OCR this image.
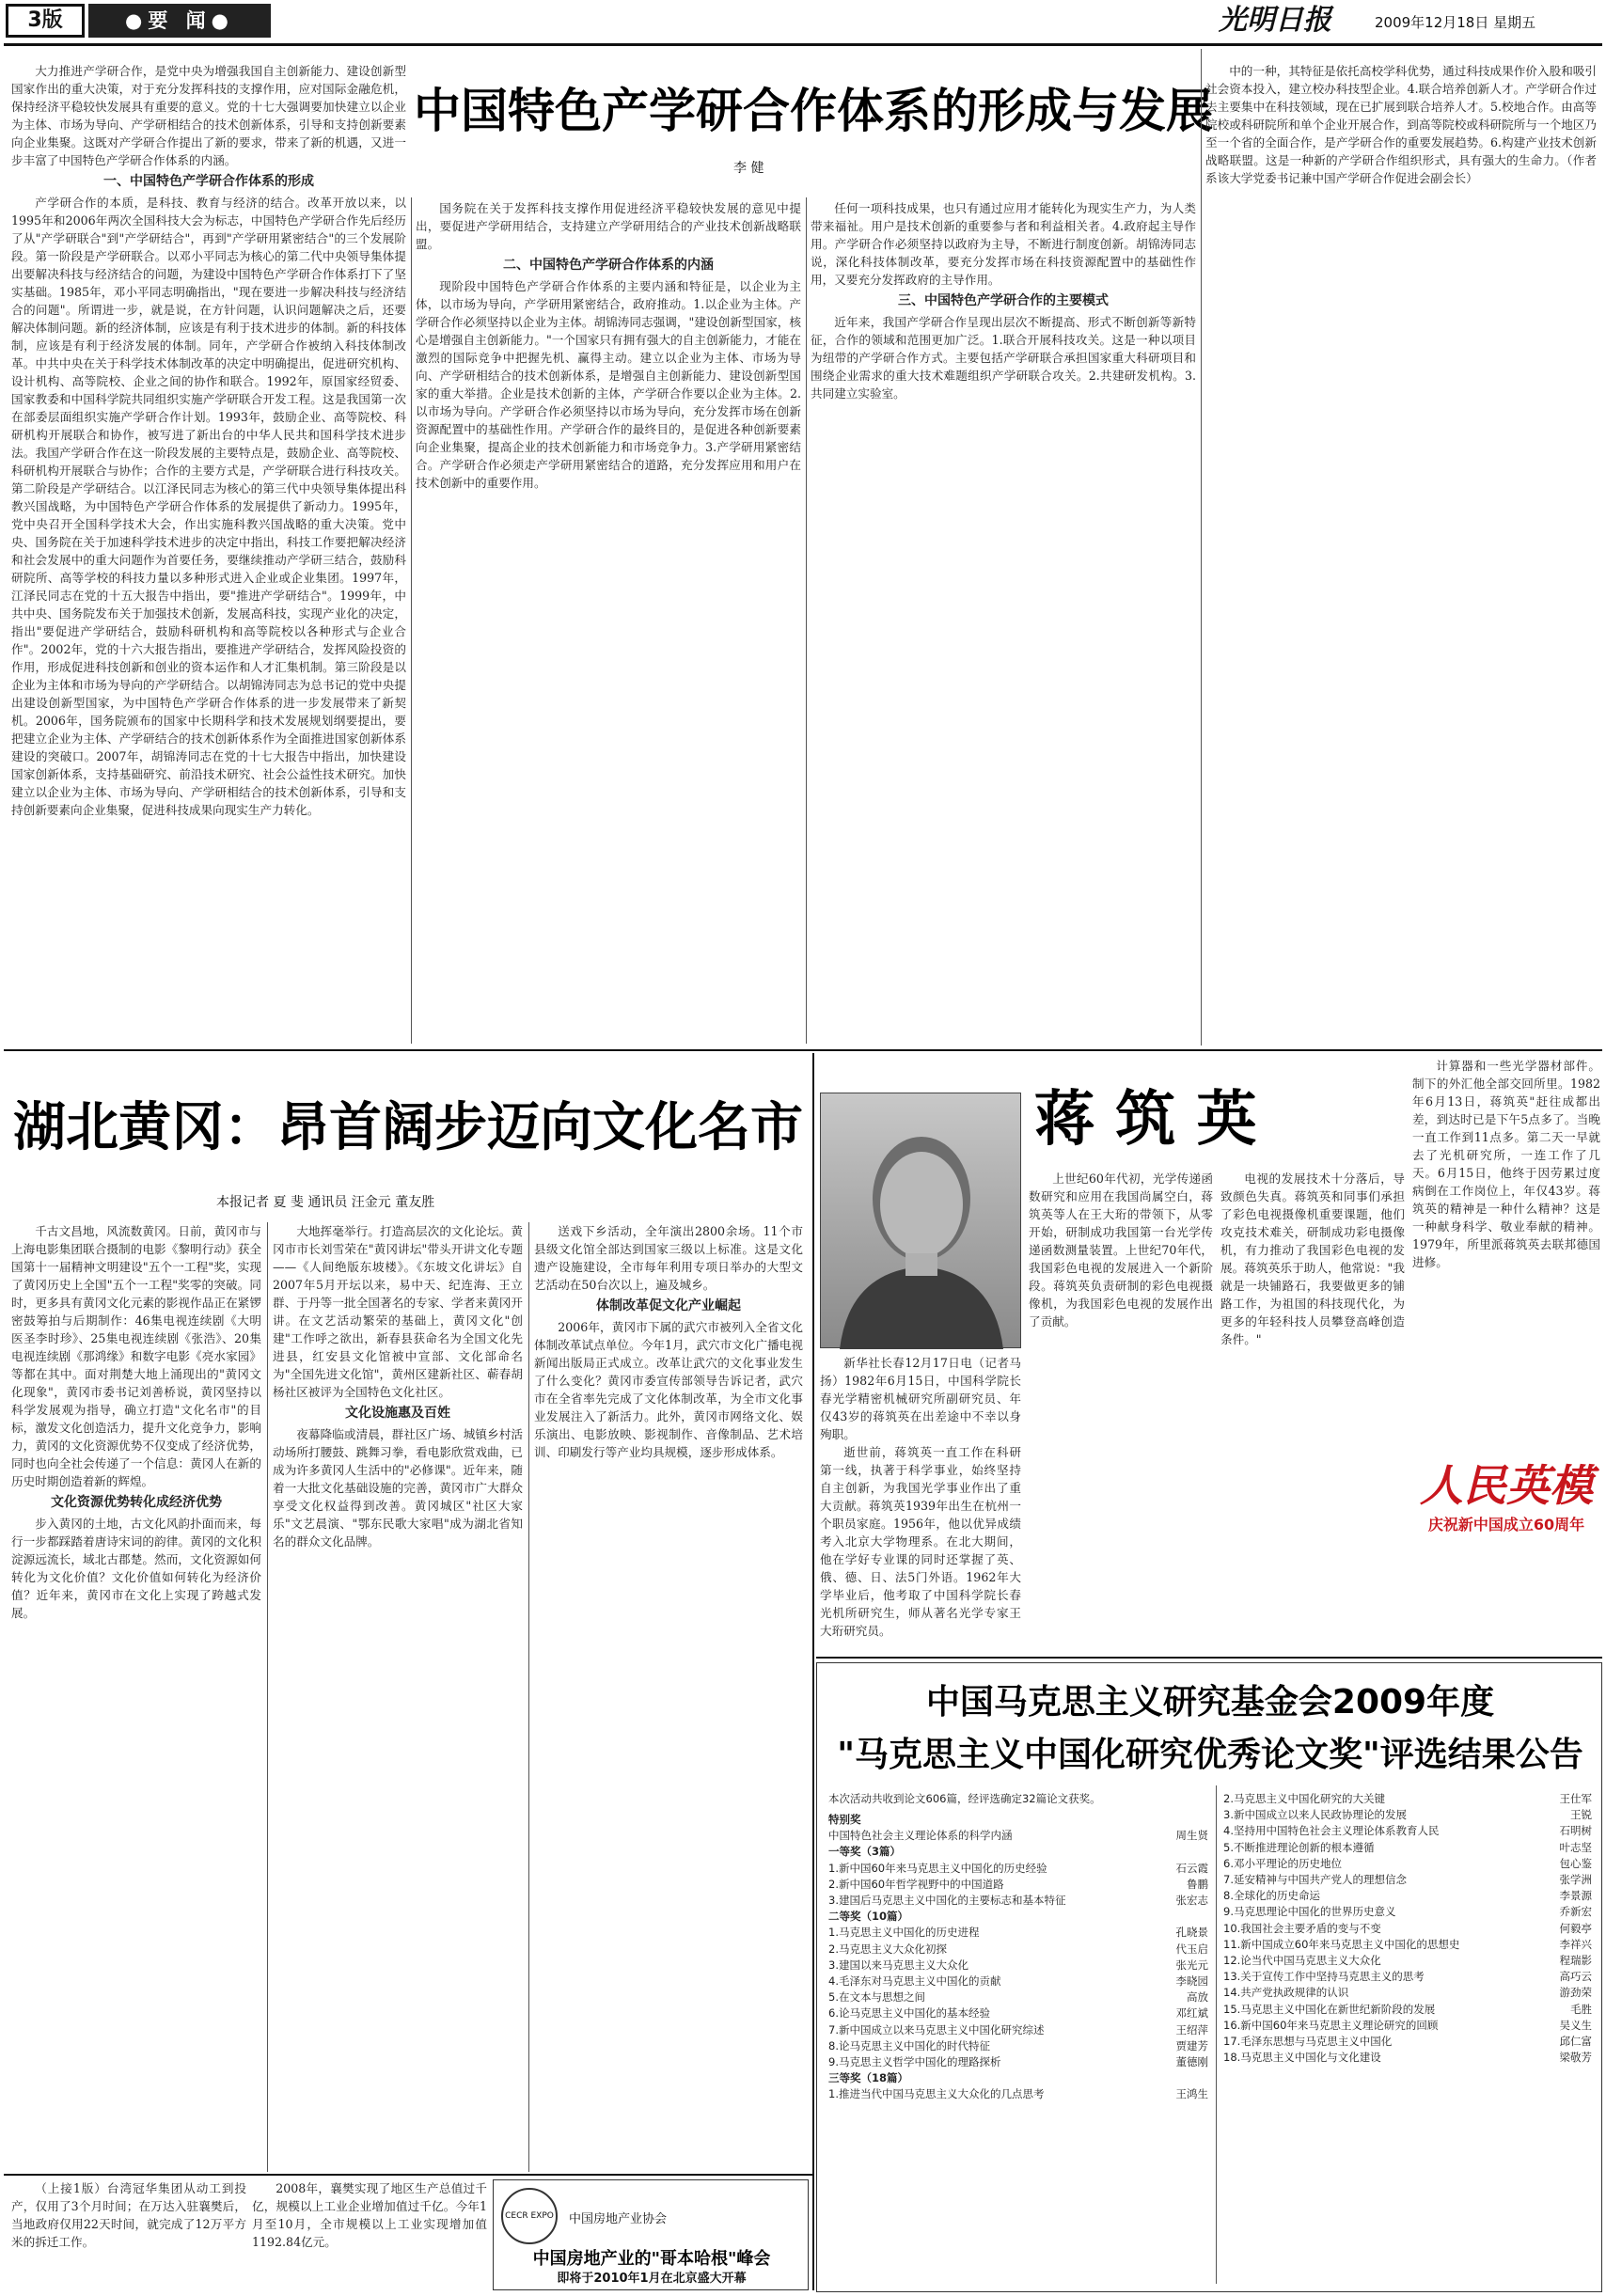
3版	●要 闻●	光明日报	2009年12月18日 星期五
中国特色产学研合作体系的形成与发展
李 健

大力推进产学研合作，是党中央为增强我国自主创新能力、建设创新型国家作出的重大决策，对于充分发挥科技的支撑作用，应对国际金融危机，保持经济平稳较快发展具有重要的意义。党的十七大强调要加快建立以企业为主体、市场为导向、产学研相结合的技术创新体系，引导和支持创新要素向企业集聚。这既对产学研合作提出了新的要求，带来了新的机遇，又进一步丰富了中国特色产学研合作体系的内涵。

一、中国特色产学研合作体系的形成

产学研合作的本质，是科技、教育与经济的结合。改革开放以来，以1995年和2006年两次全国科技大会为标志，中国特色产学研合作先后经历了从"产学研联合"到"产学研结合"，再到"产学研用紧密结合"的三个发展阶段。第一阶段是产学研联合。以邓小平同志为核心的第二代中央领导集体提出要解决科技与经济结合的问题，为建设中国特色产学研合作体系打下了坚实基础。1985年，邓小平同志明确指出，"现在要进一步解决科技与经济结合的问题"。所谓进一步，就是说，在方针问题，认识问题解决之后，还要解决体制问题。新的经济体制，应该是有利于技术进步的体制。新的科技体制，应该是有利于经济发展的体制。同年，产学研合作被纳入科技体制改革。中共中央在关于科学技术体制改革的决定中明确提出，促进研究机构、设计机构、高等院校、企业之间的协作和联合。1992年，原国家经贸委、国家教委和中国科学院共同组织实施产学研联合开发工程。这是我国第一次在部委层面组织实施产学研合作计划。1993年，鼓励企业、高等院校、科研机构开展联合和协作，被写进了新出台的中华人民共和国科学技术进步法。我国产学研合作在这一阶段发展的主要特点是，鼓励企业、高等院校、科研机构开展联合与协作；合作的主要方式是，产学研联合进行科技攻关。第二阶段是产学研结合。以江泽民同志为核心的第三代中央领导集体提出科教兴国战略，为中国特色产学研合作体系的发展提供了新动力。1995年，党中央召开全国科学技术大会，作出实施科教兴国战略的重大决策。党中央、国务院在关于加速科学技术进步的决定中指出，科技工作要把解决经济和社会发展中的重大问题作为首要任务，要继续推动产学研三结合，鼓励科研院所、高等学校的科技力量以多种形式进入企业或企业集团。1997年，江泽民同志在党的十五大报告中指出，要"推进产学研结合"。1999年，中共中央、国务院发布关于加强技术创新，发展高科技，实现产业化的决定，指出"要促进产学研结合，鼓励科研机构和高等院校以各种形式与企业合作"。2002年，党的十六大报告指出，要推进产学研结合，发挥风险投资的作用，形成促进科技创新和创业的资本运作和人才汇集机制。第三阶段是以企业为主体和市场为导向的产学研结合。以胡锦涛同志为总书记的党中央提出建设创新型国家，为中国特色产学研合作体系的进一步发展带来了新契机。2006年，国务院颁布的国家中长期科学和技术发展规划纲要提出，要把建立企业为主体、产学研结合的技术创新体系作为全面推进国家创新体系建设的突破口。2007年，胡锦涛同志在党的十七大报告中指出，加快建设国家创新体系，支持基础研究、前沿技术研究、社会公益性技术研究。加快建立以企业为主体、市场为导向、产学研相结合的技术创新体系，引导和支持创新要素向企业集聚，促进科技成果向现实生产力转化。

国务院在关于发挥科技支撑作用促进经济平稳较快发展的意见中提出，要促进产学研用结合，支持建立产学研用结合的产业技术创新战略联盟。

二、中国特色产学研合作体系的内涵

现阶段中国特色产学研合作体系的主要内涵和特征是，以企业为主体，以市场为导向，产学研用紧密结合，政府推动。1.以企业为主体。产学研合作必须坚持以企业为主体。胡锦涛同志强调，"建设创新型国家，核心是增强自主创新能力。"一个国家只有拥有强大的自主创新能力，才能在激烈的国际竞争中把握先机、赢得主动。建立以企业为主体、市场为导向、产学研相结合的技术创新体系，是增强自主创新能力、建设创新型国家的重大举措。企业是技术创新的主体，产学研合作要以企业为主体。2.以市场为导向。产学研合作必须坚持以市场为导向，充分发挥市场在创新资源配置中的基础性作用。产学研合作的最终目的，是促进各种创新要素向企业集聚，提高企业的技术创新能力和市场竞争力。3.产学研用紧密结合。产学研合作必须走产学研用紧密结合的道路，充分发挥应用和用户在技术创新中的重要作用。

任何一项科技成果，也只有通过应用才能转化为现实生产力，为人类带来福祉。用户是技术创新的重要参与者和利益相关者。4.政府起主导作用。产学研合作必须坚持以政府为主导，不断进行制度创新。胡锦涛同志说，深化科技体制改革，要充分发挥市场在科技资源配置中的基础性作用，又要充分发挥政府的主导作用。

三、中国特色产学研合作的主要模式

近年来，我国产学研合作呈现出层次不断提高、形式不断创新等新特征，合作的领域和范围更加广泛。1.联合开展科技攻关。这是一种以项目为纽带的产学研合作方式。主要包括产学研联合承担国家重大科研项目和围绕企业需求的重大技术难题组织产学研联合攻关。2.共建研发机构。3.共同建立实验室。

中的一种，其特征是依托高校学科优势，通过科技成果作价入股和吸引社会资本投入，建立校办科技型企业。4.联合培养创新人才。产学研合作过去主要集中在科技领域，现在已扩展到联合培养人才。5.校地合作。由高等院校或科研院所和单个企业开展合作，到高等院校或科研院所与一个地区乃至一个省的全面合作，是产学研合作的重要发展趋势。6.构建产业技术创新战略联盟。这是一种新的产学研合作组织形式，具有强大的生命力。（作者系该大学党委书记兼中国产学研合作促进会副会长）

湖北黄冈：昂首阔步迈向文化名市
本报记者 夏 斐 通讯员 汪金元 董友胜

千古文昌地，风流数黄冈。日前，黄冈市与上海电影集团联合摄制的电影《黎明行动》获全国第十一届精神文明建设"五个一工程"奖，实现了黄冈历史上全国"五个一工程"奖零的突破。同时，更多具有黄冈文化元素的影视作品正在紧锣密鼓筹拍与后期制作：46集电视连续剧《大明医圣李时珍》、25集电视连续剧《张浩》、20集电视连续剧《那鸿缘》和数字电影《亮水家园》等都在其中。面对荆楚大地上涌现出的"黄冈文化现象"，黄冈市委书记刘善桥说，黄冈坚持以科学发展观为指导，确立打造"文化名市"的目标，激发文化创造活力，提升文化竞争力，影响力，黄冈的文化资源优势不仅变成了经济优势，同时也向全社会传递了一个信息：黄冈人在新的历史时期创造着新的辉煌。

文化资源优势转化成经济优势

步入黄冈的土地，古文化风韵扑面而来，每行一步都踩踏着唐诗宋词的韵律。黄冈的文化积淀源远流长，域北古郡楚。然而，文化资源如何转化为文化价值？文化价值如何转化为经济价值？近年来，黄冈市在文化上实现了跨越式发展。

大地挥毫举行。打造高层次的文化论坛。黄冈市市长刘雪荣在"黄冈讲坛"带头开讲文化专题——《人间绝版东坡楼》。《东坡文化讲坛》自2007年5月开坛以来，易中天、纪连海、王立群、于丹等一批全国著名的专家、学者来黄冈开讲。在文艺活动繁荣的基础上，黄冈文化"创建"工作呼之欲出，新春县获命名为全国文化先进县，红安县文化馆被中宣部、文化部命名为"全国先进文化馆"，黄州区建新社区、蕲春胡杨社区被评为全国特色文化社区。

文化设施惠及百姓

夜幕降临或清晨，群社区广场、城镇乡村活动场所打腰鼓、跳舞习拳，看电影欣赏戏曲，已成为许多黄冈人生活中的"必修课"。近年来，随着一大批文化基础设施的完善，黄冈市广大群众享受文化权益得到改善。黄冈城区"社区大家乐"文艺晨演、"鄂东民歌大家唱"成为湖北省知名的群众文化品牌。

送戏下乡活动，全年演出2800余场。11个市县级文化馆全部达到国家三级以上标准。这是文化遗产设施建设，全市每年利用专项日举办的大型文艺活动在50台次以上，遍及城乡。

体制改革促文化产业崛起

2006年，黄冈市下属的武穴市被列入全省文化体制改革试点单位。今年1月，武穴市文化广播电视新闻出版局正式成立。改革让武穴的文化事业发生了什么变化？黄冈市委宣传部领导告诉记者，武穴市在全省率先完成了文化体制改革，为全市文化事业发展注入了新活力。此外，黄冈市网络文化、娱乐演出、电影放映、影视制作、音像制品、艺术培训、印刷发行等产业均具规模，逐步形成体系。

蒋 筑 英

新华社长春12月17日电（记者马扬）1982年6月15日，中国科学院长春光学精密机械研究所副研究员、年仅43岁的蒋筑英在出差途中不幸以身殉职。

逝世前，蒋筑英一直工作在科研第一线，执著于科学事业，始终坚持自主创新，为我国光学事业作出了重大贡献。蒋筑英1939年出生在杭州一个职员家庭。1956年，他以优异成绩考入北京大学物理系。在北大期间，他在学好专业课的同时还掌握了英、俄、德、日、法5门外语。1962年大学毕业后，他考取了中国科学院长春光机所研究生，师从著名光学专家王大珩研究员。

上世纪60年代初，光学传递函数研究和应用在我国尚属空白，蒋筑英等人在王大珩的带领下，从零开始，研制成功我国第一台光学传递函数测量装置。上世纪70年代，我国彩色电视的发展进入一个新阶段。蒋筑英负责研制的彩色电视摄像机，为我国彩色电视的发展作出了贡献。

电视的发展技术十分落后，导致颜色失真。蒋筑英和同事们承担了彩色电视摄像机重要课题，他们攻克技术难关，研制成功彩电摄像机，有力推动了我国彩色电视的发展。蒋筑英乐于助人，他常说："我就是一块铺路石，我要做更多的铺路工作，为祖国的科技现代化，为更多的年轻科技人员攀登高峰创造条件。"

计算器和一些光学器材部件。制下的外汇他全部交回所里。1982年6月13日，蒋筑英"赶往成都出差，到达时已是下午5点多了。当晚一直工作到11点多。第二天一早就去了光机研究所，一连工作了几天。6月15日，他终于因劳累过度病倒在工作岗位上，年仅43岁。蒋筑英的精神是一种什么精神？这是一种献身科学、敬业奉献的精神。1979年，所里派蒋筑英去联邦德国进修。

人民英模
庆祝新中国成立60周年
中国马克思主义研究基金会2009年度
"马克思主义中国化研究优秀论文奖"评选结果公告
本次活动共收到论文606篇，经评选确定32篇论文获奖。
特别奖
中国特色社会主义理论体系的科学内涵	周生贤
一等奖（3篇）
1.新中国60年来马克思主义中国化的历史经验	石云霞
2.新中国60年哲学视野中的中国道路	鲁鹏
3.建国后马克思主义中国化的主要标志和基本特征	张宏志
二等奖（10篇）
1.马克思主义中国化的历史进程	孔晓景
2.马克思主义大众化初探	代玉启
3.建国以来马克思主义大众化	张光元
4.毛泽东对马克思主义中国化的贡献	李晓园
5.在文本与思想之间	高放
6.论马克思主义中国化的基本经验	邓红斌
7.新中国成立以来马克思主义中国化研究综述	王绍萍
8.论马克思主义中国化的时代特征	贾建芳
9.马克思主义哲学中国化的理路探析	董德刚
三等奖（18篇）
1.推进当代中国马克思主义大众化的几点思考	王鸿生
2.马克思主义中国化研究的大关键	王仕军
3.新中国成立以来人民政协理论的发展	王锐
4.坚持用中国特色社会主义理论体系教育人民	石明树
5.不断推进理论创新的根本遵循	叶志坚
6.邓小平理论的历史地位	包心鉴
7.延安精神与中国共产党人的理想信念	张学洲
8.全球化的历史命运	李景源
9.马克思理论中国化的世界历史意义	乔新宏
10.我国社会主要矛盾的变与不变	何毅亭
11.新中国成立60年来马克思主义中国化的思想史	李祥兴
12.论当代中国马克思主义大众化	程瑞影
13.关于宣传工作中坚持马克思主义的思考	高巧云
14.共产党执政规律的认识	游劲荣
15.马克思主义中国化在新世纪新阶段的发展	毛胜
16.新中国60年来马克思主义理论研究的回顾	吴义生
17.毛泽东思想与马克思主义中国化	邱仁富
18.马克思主义中国化与文化建设	梁敬芳

（上接1版）台湾冠华集团从动工到投产，仅用了3个月时间；在万达入驻襄樊后，当地政府仅用22天时间，就完成了12万平方米的拆迁工作。

2008年，襄樊实现了地区生产总值过千亿，规模以上工业企业增加值过千亿。今年1月至10月，全市规模以上工业实现增加值1192.84亿元。

CECR EXPO	中国房地产业协会
中国房地产业的"哥本哈根"峰会
即将于2010年1月在北京盛大开幕
